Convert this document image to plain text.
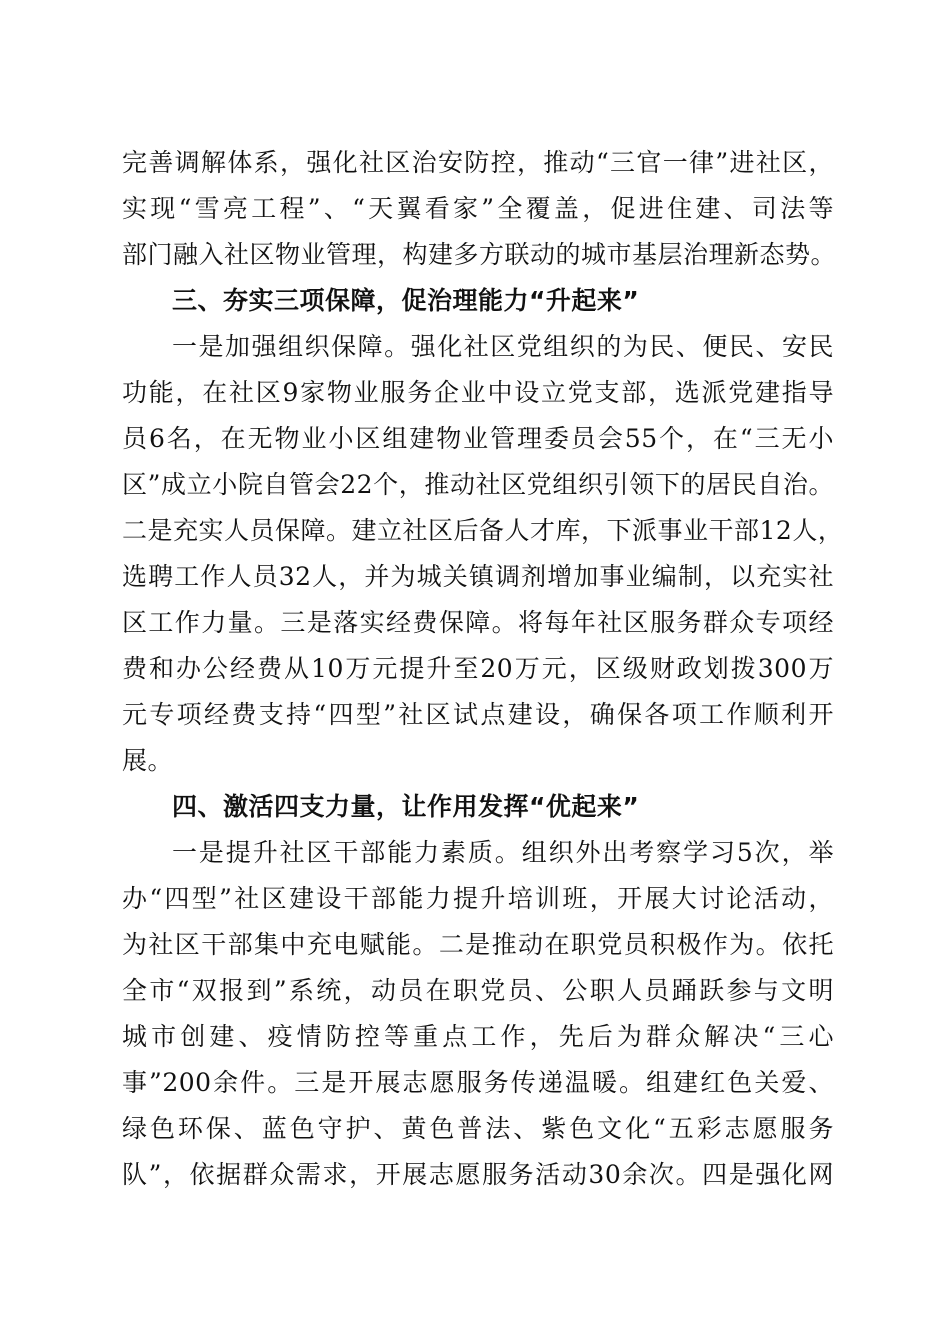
完善调解体系，强化社区治安防控，推动“三官一律”进社区，
实现“雪亮工程”、“天翼看家”全覆盖，促进住建、司法等
部门融入社区物业管理，构建多方联动的城市基层治理新态势。
三、夯实三项保障，促治理能力“升起来”
一是加强组织保障。强化社区党组织的为民、便民、安民
功能，在社区9家物业服务企业中设立党支部，选派党建指导
员6名，在无物业小区组建物业管理委员会55个，在“三无小
区”成立小院自管会22个，推动社区党组织引领下的居民自治。
二是充实人员保障。建立社区后备人才库，下派事业干部12人，
选聘工作人员32人，并为城关镇调剂增加事业编制，以充实社
区工作力量。三是落实经费保障。将每年社区服务群众专项经
费和办公经费从10万元提升至20万元，区级财政划拨300万
元专项经费支持“四型”社区试点建设，确保各项工作顺利开
展。
四、激活四支力量，让作用发挥“优起来”
一是提升社区干部能力素质。组织外出考察学习5次，举
办“四型”社区建设干部能力提升培训班，开展大讨论活动，
为社区干部集中充电赋能。二是推动在职党员积极作为。依托
全市“双报到”系统，动员在职党员、公职人员踊跃参与文明
城市创建、疫情防控等重点工作，先后为群众解决“三心
事”200余件。三是开展志愿服务传递温暖。组建红色关爱、
绿色环保、蓝色守护、黄色普法、紫色文化“五彩志愿服务
队”，依据群众需求，开展志愿服务活动30余次。四是强化网
